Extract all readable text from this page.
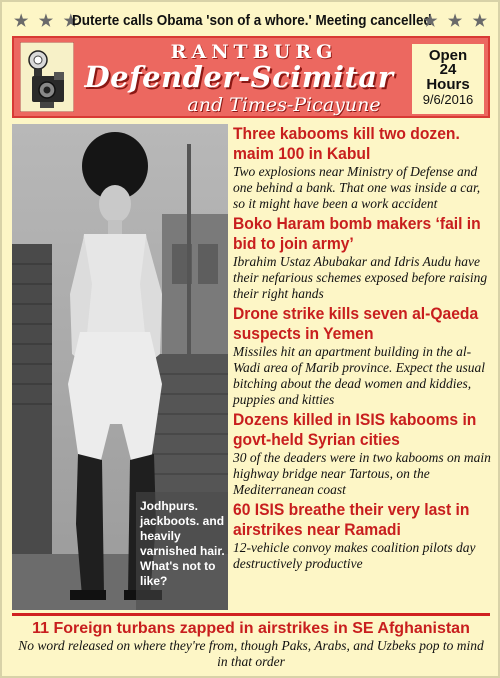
★ ★ ★
Duterte calls Obama 'son of a whore.' Meeting cancelled
★ ★ ★
RANTBURG
Defender-Scimitar
and Times-Picayune
Open
24
Hours
9/6/2016
Jodhpurs. jackboots. and heavily varnished hair. What's not to like?
Three kabooms kill two dozen. maim 100 in Kabul

Two explosions near Ministry of Defense and one behind a bank. That one was inside a car, so it might have been a work accident

Boko Haram bomb makers ‘fail in bid to join army’

Ibrahim Ustaz Abubakar and Idris Audu have their nefarious schemes exposed before raising their right hands

Drone strike kills seven al-Qaeda suspects in Yemen

Missiles hit an apartment building in the al-Wadi area of Marib province. Expect the usual bitching about the dead women and kiddies, puppies and kitties

Dozens killed in ISIS kabooms in govt-held Syrian cities

30 of the deaders were in two kabooms on main highway bridge near Tartous, on the Mediterranean coast

60 ISIS breathe their very last in airstrikes near Ramadi

12-vehicle convoy makes coalition pilots day destructively productive

11 Foreign turbans zapped in airstrikes in SE Afghanistan

No word released on where they're from, though Paks, Arabs, and Uzbeks pop to mind in that order
